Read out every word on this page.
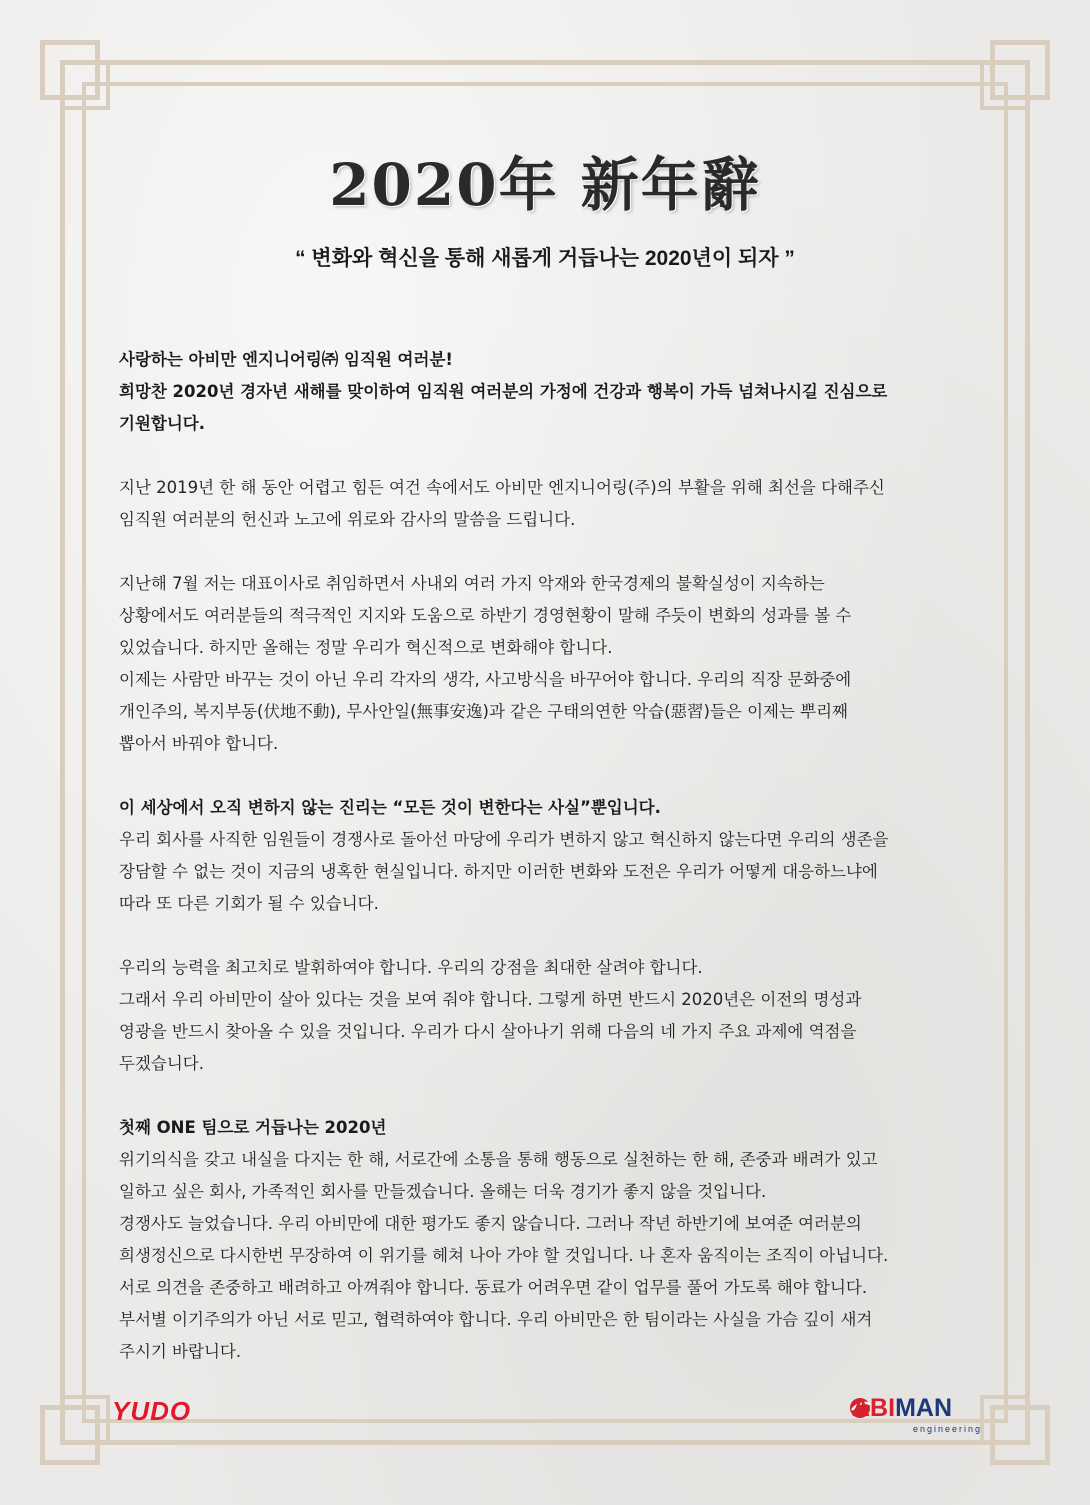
2020年 新年辭
“ 변화와 혁신을 통해 새롭게 거듭나는 2020년이 되자 ”

사랑하는 아비만 엔지니어링㈜ 임직원 여러분!

희망찬 2020년 경자년 새해를 맞이하여 임직원 여러분의 가정에 건강과 행복이 가득 넘쳐나시길 진심으로

기원합니다.

지난 2019년 한 해 동안 어렵고 힘든 여건 속에서도 아비만 엔지니어링(주)의 부활을 위해 최선을 다해주신

임직원 여러분의 헌신과 노고에 위로와 감사의 말씀을 드립니다.

지난해 7월 저는 대표이사로 취임하면서 사내외 여러 가지 악재와 한국경제의 불확실성이 지속하는

상황에서도 여러분들의 적극적인 지지와 도움으로 하반기 경영현황이 말해 주듯이 변화의 성과를 볼 수

있었습니다. 하지만 올해는 정말 우리가 혁신적으로 변화해야 합니다.

이제는 사람만 바꾸는 것이 아닌 우리 각자의 생각, 사고방식을 바꾸어야 합니다. 우리의 직장 문화중에

개인주의, 복지부동(伏地不動), 무사안일(無事安逸)과 같은 구태의연한 악습(惡習)들은 이제는 뿌리째

뽑아서 바꿔야 합니다.

이 세상에서 오직 변하지 않는 진리는 “모든 것이 변한다는 사실”뿐입니다.

우리 회사를 사직한 임원들이 경쟁사로 돌아선 마당에 우리가 변하지 않고 혁신하지 않는다면 우리의 생존을

장담할 수 없는 것이 지금의 냉혹한 현실입니다. 하지만 이러한 변화와 도전은 우리가 어떻게 대응하느냐에

따라 또 다른 기회가 될 수 있습니다.

우리의 능력을 최고치로 발휘하여야 합니다. 우리의 강점을 최대한 살려야 합니다.

그래서 우리 아비만이 살아 있다는 것을 보여 줘야 합니다. 그렇게 하면 반드시 2020년은 이전의 명성과

영광을 반드시 찾아올 수 있을 것입니다. 우리가 다시 살아나기 위해 다음의 네 가지 주요 과제에 역점을

두겠습니다.

첫째 ONE 팀으로 거듭나는 2020년

위기의식을 갖고 내실을 다지는 한 해, 서로간에 소통을 통해 행동으로 실천하는 한 해, 존중과 배려가 있고

일하고 싶은 회사, 가족적인 회사를 만들겠습니다. 올해는 더욱 경기가 좋지 않을 것입니다.

경쟁사도 늘었습니다. 우리 아비만에 대한 평가도 좋지 않습니다. 그러나 작년 하반기에 보여준 여러분의

희생정신으로 다시한번 무장하여 이 위기를 헤쳐 나아 가야 할 것입니다. 나 혼자 움직이는 조직이 아닙니다.

서로 의견을 존중하고 배려하고 아껴줘야 합니다. 동료가 어려우면 같이 업무를 풀어 가도록 해야 합니다.

부서별 이기주의가 아닌 서로 믿고, 협력하여야 합니다. 우리 아비만은 한 팀이라는 사실을 가슴 깊이 새겨

주시기 바랍니다.

YUDO	ABIMAN
engineering
